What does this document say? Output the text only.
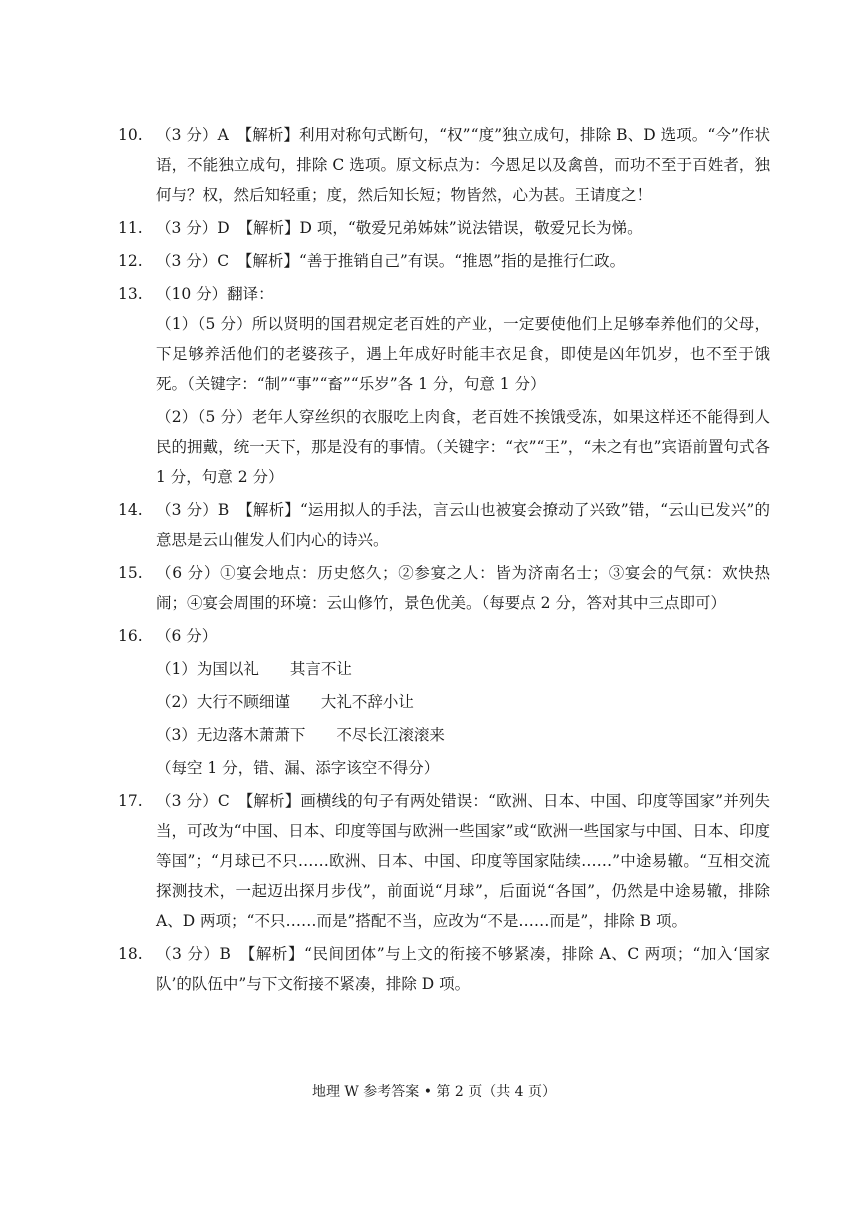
10. （3 分）A　【解析】利用对称句式断句，“权”“度”独立成句，排除 B、D 选项。“今”作状语，不能独立成句，排除 C 选项。原文标点为：今恩足以及禽兽，而功不至于百姓者，独何与？权，然后知轻重；度，然后知长短；物皆然，心为甚。王请度之！

11. （3 分）D　【解析】D 项，“敬爱兄弟姊妹”说法错误，敬爱兄长为悌。

12. （3 分）C　【解析】“善于推销自己”有误。“推恩”指的是推行仁政。

13. （10 分）翻译：

（1）（5 分）所以贤明的国君规定老百姓的产业，一定要使他们上足够奉养他们的父母，下足够养活他们的老婆孩子，遇上年成好时能丰衣足食，即使是凶年饥岁，也不至于饿死。（关键字：“制”“事”“畜”“乐岁”各 1 分，句意 1 分）

（2）（5 分）老年人穿丝织的衣服吃上肉食，老百姓不挨饿受冻，如果这样还不能得到人民的拥戴，统一天下，那是没有的事情。（关键字：“衣”“王”，“未之有也”宾语前置句式各 1 分，句意 2 分）

14. （3 分）B　【解析】“运用拟人的手法，言云山也被宴会撩动了兴致”错，“云山已发兴”的意思是云山催发人们内心的诗兴。

15. （6 分）①宴会地点：历史悠久；②参宴之人：皆为济南名士；③宴会的气氛：欢快热闹；④宴会周围的环境：云山修竹，景色优美。（每要点 2 分，答对其中三点即可）

16. （6 分）

（1）为国以礼　　其言不让

（2）大行不顾细谨　　大礼不辞小让

（3）无边落木萧萧下　　不尽长江滚滚来

（每空 1 分，错、漏、添字该空不得分）

17. （3 分）C　【解析】画横线的句子有两处错误：“欧洲、日本、中国、印度等国家”并列失当，可改为“中国、日本、印度等国与欧洲一些国家”或“欧洲一些国家与中国、日本、印度等国”；“月球已不只……欧洲、日本、中国、印度等国家陆续……”中途易辙。“互相交流探测技术，一起迈出探月步伐”，前面说“月球”，后面说“各国”，仍然是中途易辙，排除 A、D 两项；“不只……而是”搭配不当，应改为“不是……而是”，排除 B 项。

18. （3 分）B　【解析】“民间团体”与上文的衔接不够紧凑，排除 A、C 两项；“加入‘国家队’的队伍中”与下文衔接不紧凑，排除 D 项。

地理 W 参考答案 • 第 2 页（共 4 页）
